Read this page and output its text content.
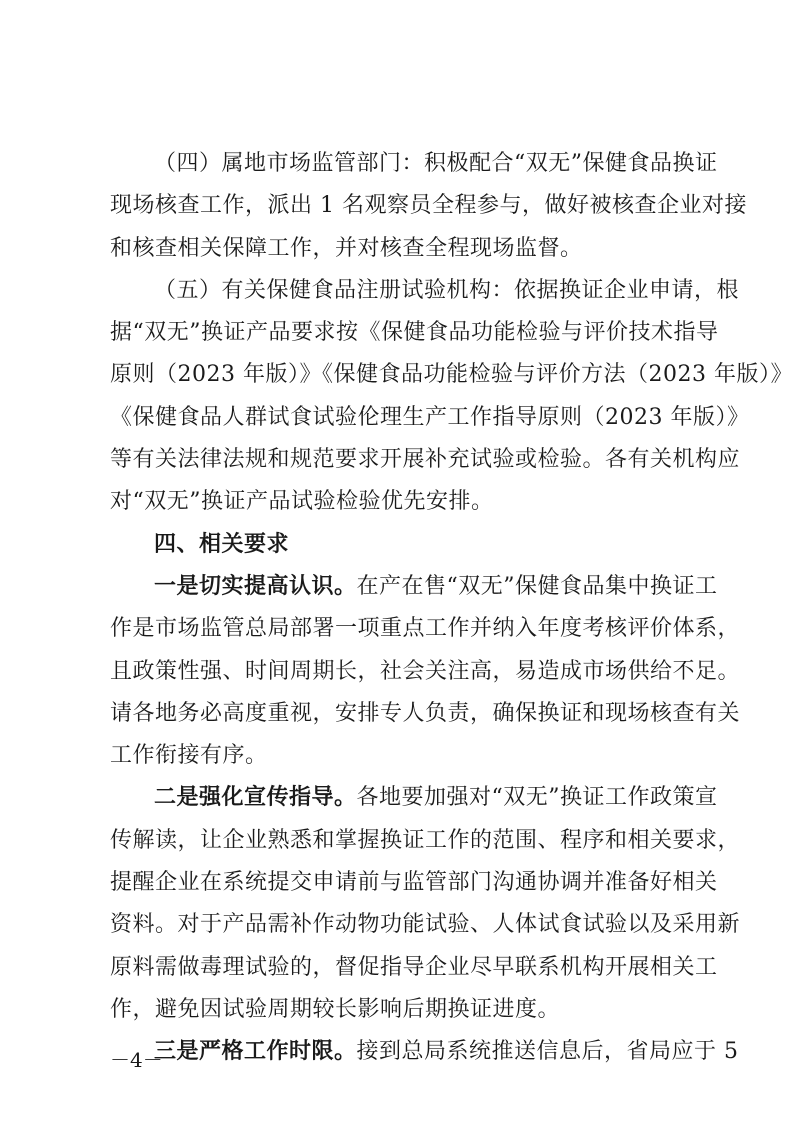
（四）属地市场监管部门：积极配合“双无”保健食品换证
现场核查工作，派出 1 名观察员全程参与，做好被核查企业对接
和核查相关保障工作，并对核查全程现场监督。
（五）有关保健食品注册试验机构：依据换证企业申请，根
据“双无”换证产品要求按《保健食品功能检验与评价技术指导
原则（2023 年版）》《保健食品功能检验与评价方法（2023 年版）》
《保健食品人群试食试验伦理生产工作指导原则（2023 年版）》
等有关法律法规和规范要求开展补充试验或检验。各有关机构应
对“双无”换证产品试验检验优先安排。
四、相关要求
一是切实提高认识。在产在售“双无”保健食品集中换证工
作是市场监管总局部署一项重点工作并纳入年度考核评价体系，
且政策性强、时间周期长，社会关注高，易造成市场供给不足。
请各地务必高度重视，安排专人负责，确保换证和现场核查有关
工作衔接有序。
二是强化宣传指导。各地要加强对“双无”换证工作政策宣
传解读，让企业熟悉和掌握换证工作的范围、程序和相关要求，
提醒企业在系统提交申请前与监管部门沟通协调并准备好相关
资料。对于产品需补作动物功能试验、人体试食试验以及采用新
原料需做毒理试验的，督促指导企业尽早联系机构开展相关工
作，避免因试验周期较长影响后期换证进度。
三是严格工作时限。接到总局系统推送信息后，省局应于 5
－4－
